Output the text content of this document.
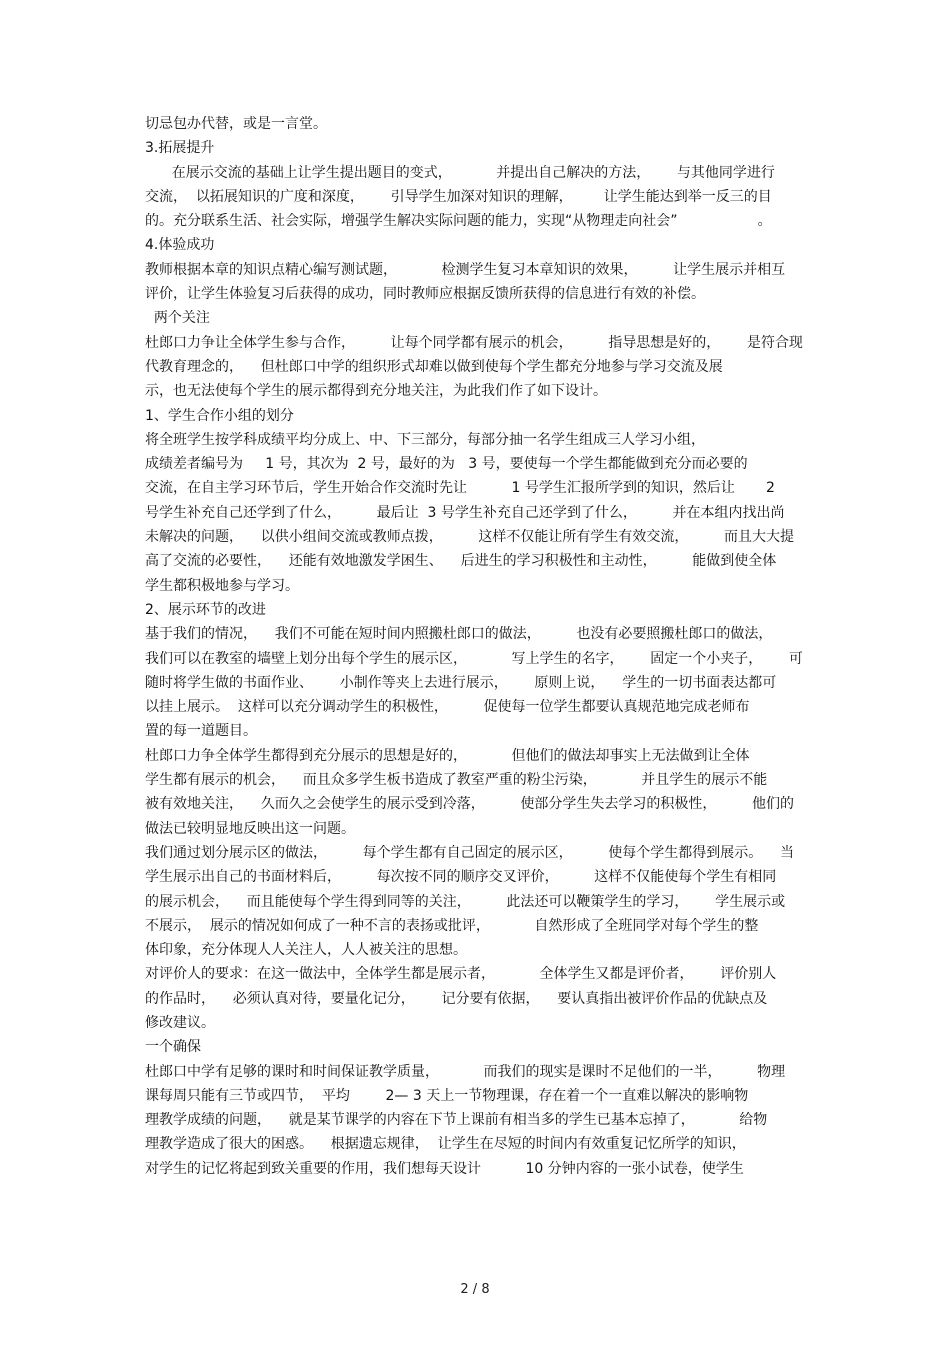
切忌包办代替，或是一言堂。
3.拓展提升
在展示交流的基础上让学生提出题目的变式，          并提出自己解决的方法，      与其他同学进行
交流，  以拓展知识的广度和深度，      引导学生加深对知识的理解，       让学生能达到举一反三的目
的。充分联系生活、社会实际，增强学生解决实际问题的能力，实现“从物理走向社会”                  。
4.体验成功
教师根据本章的知识点精心编写测试题，          检测学生复习本章知识的效果，        让学生展示并相互
评价，让学生体验复习后获得的成功，同时教师应根据反馈所获得的信息进行有效的补偿。
两个关注
杜郎口力争让全体学生参与合作，        让每个同学都有展示的机会，        指导思想是好的，      是符合现
代教育理念的，    但杜郎口中学的组织形式却难以做到使每个学生都充分地参与学习交流及展
示，也无法使每个学生的展示都得到充分地关注，为此我们作了如下设计。
1、学生合作小组的划分
将全班学生按学科成绩平均分成上、中、下三部分，每部分抽一名学生组成三人学习小组，
成绩差者编号为     1 号，其次为  2 号，最好的为   3 号，要使每一个学生都能做到充分而必要的
交流，在自主学习环节后，学生开始合作交流时先让          1 号学生汇报所学到的知识，然后让       2
号学生补充自己还学到了什么，        最后让  3 号学生补充自己还学到了什么，        并在本组内找出尚
未解决的问题，    以供小组间交流或教师点拨，        这样不仅能让所有学生有效交流，        而且大大提
高了交流的必要性，    还能有效地激发学困生、    后进生的学习积极性和主动性，        能做到使全体
学生都积极地参与学习。
2、展示环节的改进
基于我们的情况，    我们不可能在短时间内照搬杜郎口的做法，        也没有必要照搬杜郎口的做法，
我们可以在教室的墙壁上划分出每个学生的展示区，          写上学生的名字，      固定一个小夹子，      可
随时将学生做的书面作业、      小制作等夹上去进行展示，      原则上说，    学生的一切书面表达都可
以挂上展示。  这样可以充分调动学生的积极性，        促使每一位学生都要认真规范地完成老师布
置的每一道题目。
杜郎口力争全体学生都得到充分展示的思想是好的，          但他们的做法却事实上无法做到让全体
学生都有展示的机会，    而且众多学生板书造成了教室严重的粉尘污染，          并且学生的展示不能
被有效地关注，    久而久之会使学生的展示受到冷落，        使部分学生失去学习的积极性，        他们的
做法已较明显地反映出这一问题。
我们通过划分展示区的做法，        每个学生都有自己固定的展示区，        使每个学生都得到展示。    当
学生展示出自己的书面材料后，        每次按不同的顺序交叉评价，        这样不仅能使每个学生有相同
的展示机会，    而且能使每个学生得到同等的关注，        此法还可以鞭策学生的学习，      学生展示或
不展示，  展示的情况如何成了一种不言的表扬或批评，          自然形成了全班同学对每个学生的整
体印象，充分体现人人关注人，人人被关注的思想。
对评价人的要求：在这一做法中，全体学生都是展示者，          全体学生又都是评价者，      评价别人
的作品时，    必须认真对待，要量化记分，      记分要有依据，    要认真指出被评价作品的优缺点及
修改建议。
一个确保
杜郎口中学有足够的课时和时间保证教学质量，          而我们的现实是课时不足他们的一半，        物理
课每周只能有三节或四节，  平均        2— 3 天上一节物理课，存在着一个一直难以解决的影响物
理教学成绩的问题，    就是某节课学的内容在下节上课前有相当多的学生已基本忘掉了，          给物
理教学造成了很大的困惑。    根据遗忘规律，  让学生在尽短的时间内有效重复记忆所学的知识，
对学生的记忆将起到致关重要的作用，我们想每天设计          10 分钟内容的一张小试卷，使学生
2 / 8
